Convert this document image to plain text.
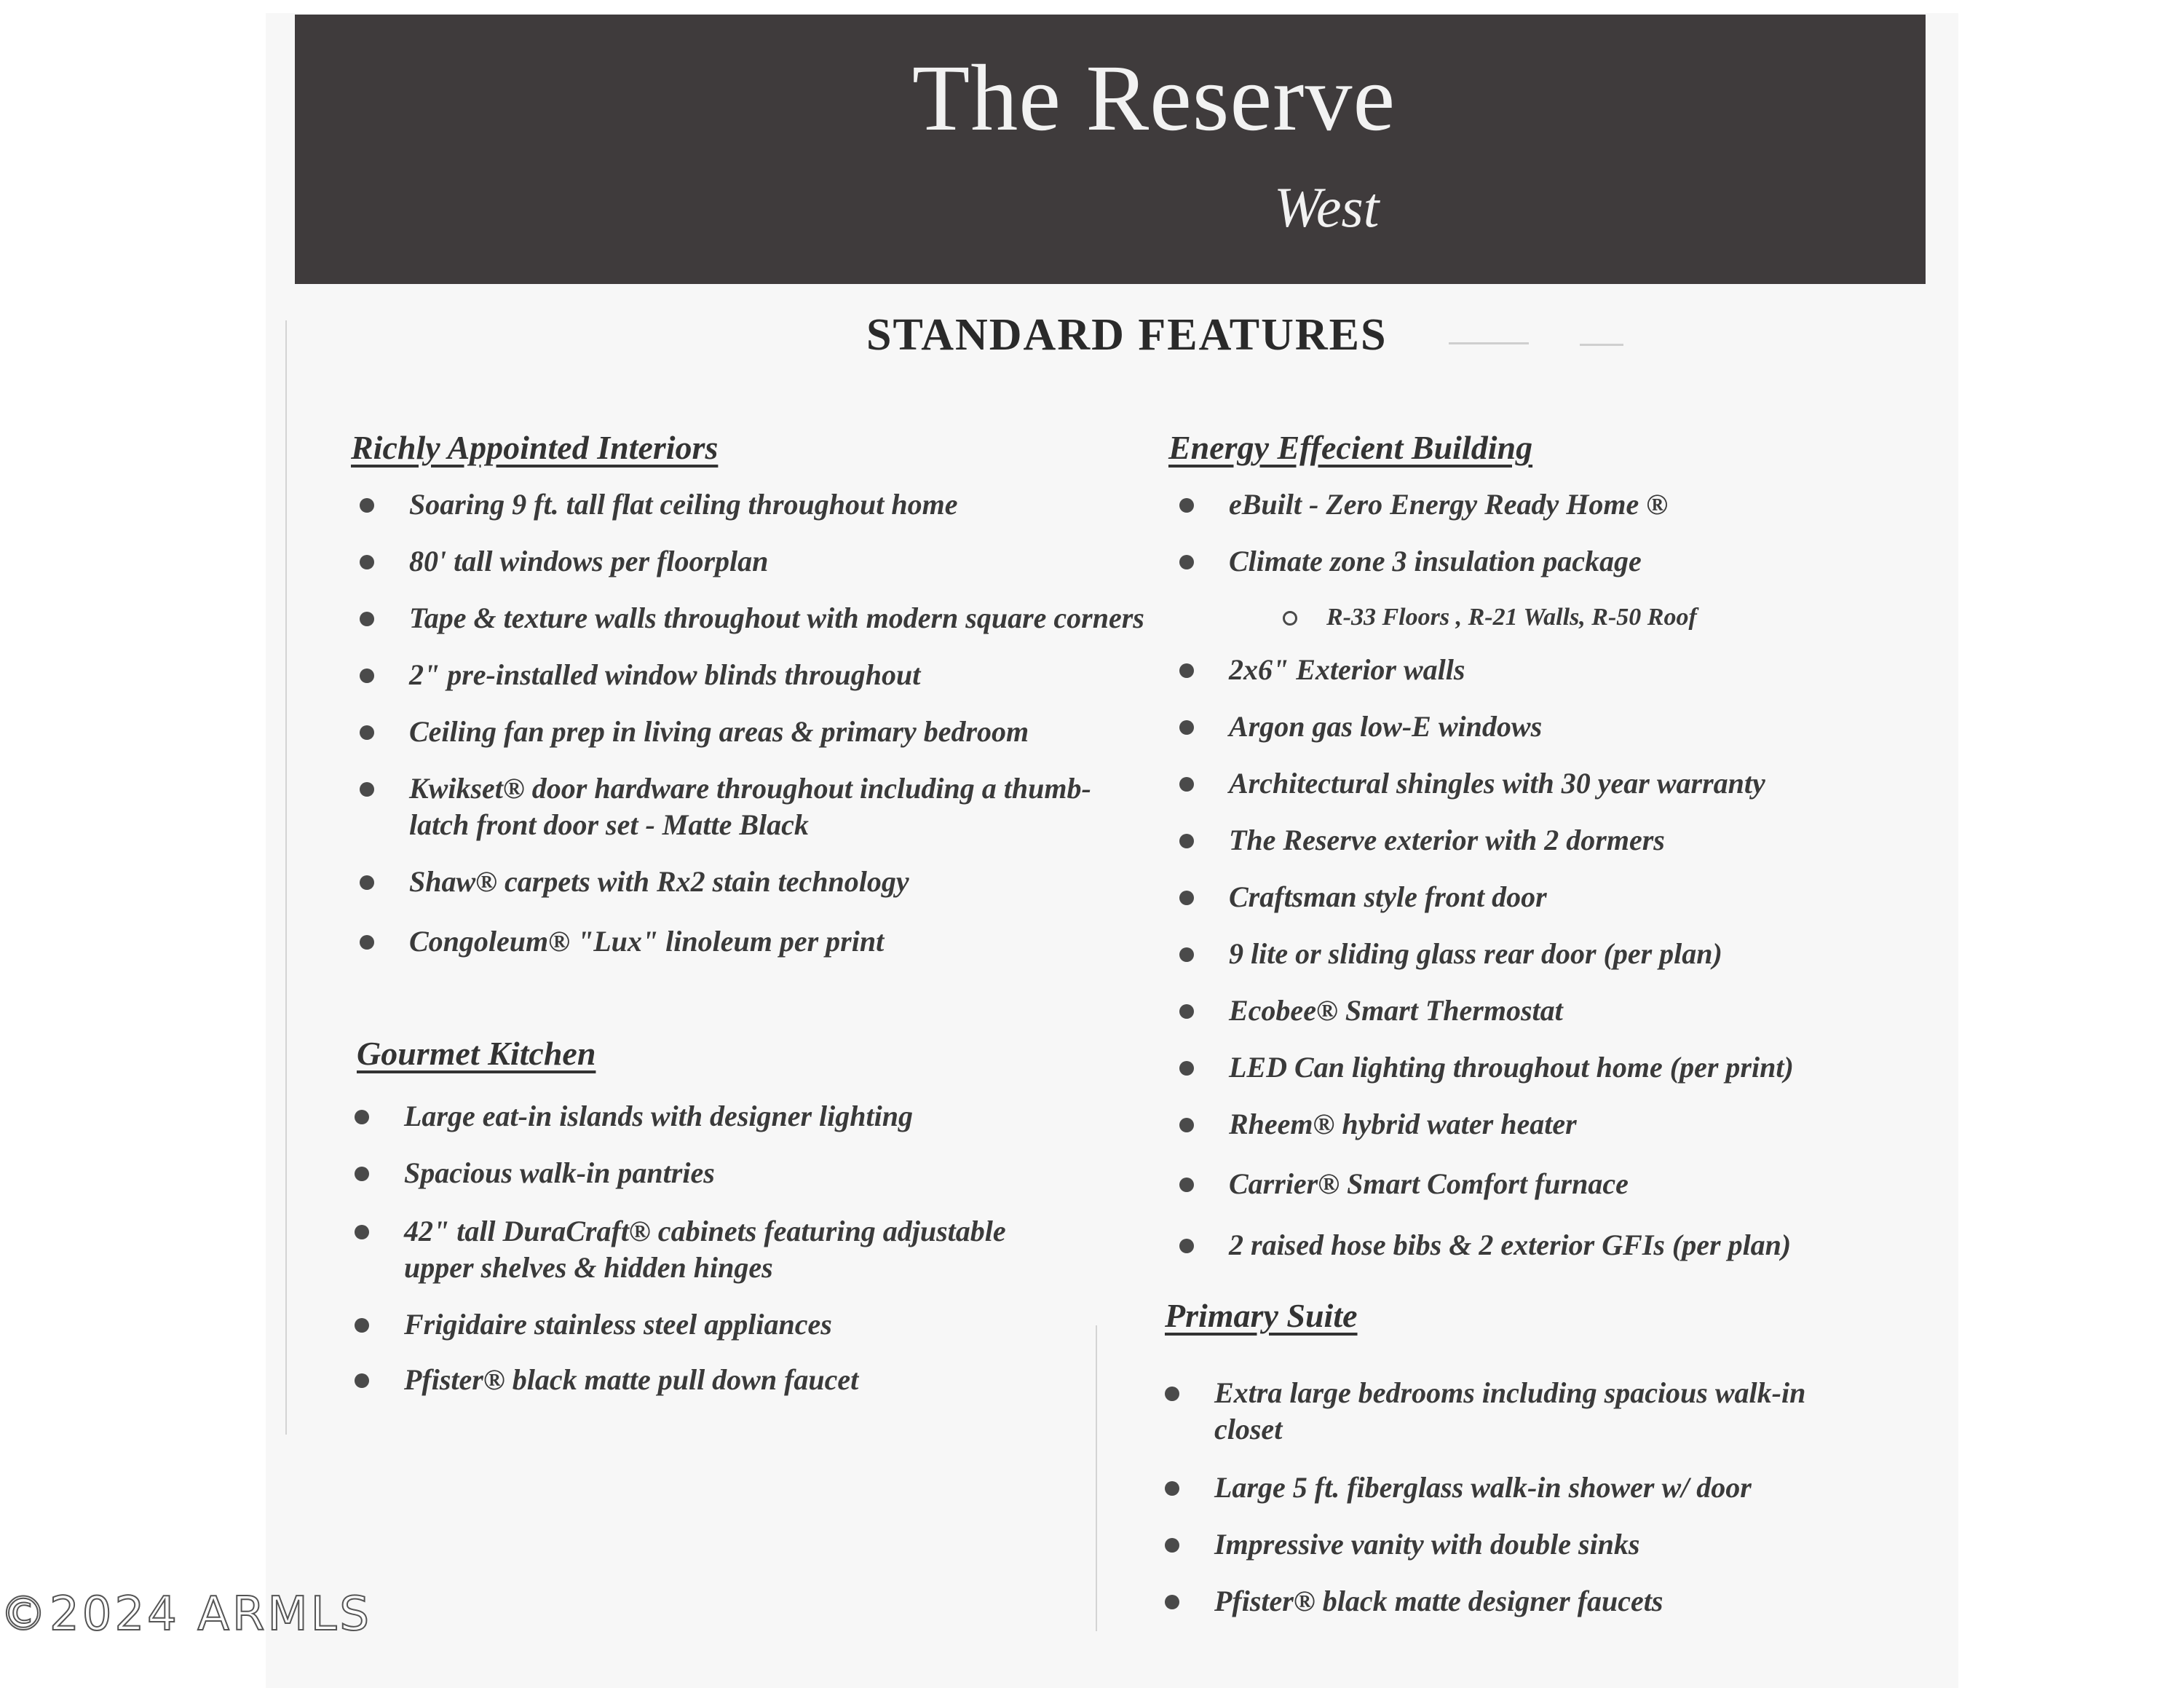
The Reserve
West
STANDARD FEATURES
Richly Appointed Interiors
Soaring 9 ft. tall flat ceiling throughout home
80' tall windows per floorplan
Tape & texture walls throughout with modern square corners
2" pre-installed window blinds throughout
Ceiling fan prep in living areas & primary bedroom
Kwikset® door hardware throughout including a thumb-latch front door set - Matte Black
Shaw® carpets with Rx2 stain technology
Congoleum® "Lux" linoleum per print
Gourmet Kitchen
Large eat-in islands with designer lighting
Spacious walk-in pantries
42" tall DuraCraft® cabinets featuring adjustable upper shelves & hidden hinges
Frigidaire stainless steel appliances
Pfister® black matte pull down faucet
Energy Effecient Building
eBuilt - Zero Energy Ready Home ®
Climate zone 3 insulation package
R-33 Floors , R-21 Walls, R-50 Roof
2x6" Exterior walls
Argon gas low-E windows
Architectural shingles with 30 year warranty
The Reserve exterior with 2 dormers
Craftsman style front door
9 lite or sliding glass rear door (per plan)
Ecobee® Smart Thermostat
LED Can lighting throughout home (per print)
Rheem® hybrid water heater
Carrier® Smart Comfort furnace
2 raised hose bibs & 2 exterior GFIs (per plan)
Primary Suite
Extra large bedrooms including spacious walk-in closet
Large 5 ft. fiberglass walk-in shower w/ door
Impressive vanity with double sinks
Pfister® black matte designer faucets
©2024 ARMLS
